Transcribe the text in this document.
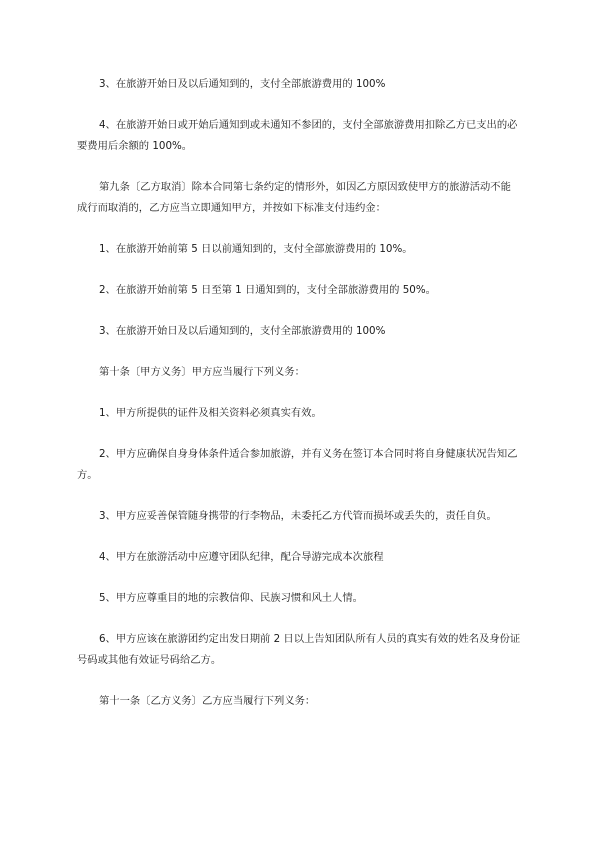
3、在旅游开始日及以后通知到的，支付全部旅游费用的 100%

4、在旅游开始日或开始后通知到或未通知不参团的，支付全部旅游费用扣除乙方已支出的必要费用后余额的 100%。

第九条〔乙方取消〕除本合同第七条约定的情形外，如因乙方原因致使甲方的旅游活动不能成行而取消的，乙方应当立即通知甲方，并按如下标准支付违约金：

1、在旅游开始前第 5 日以前通知到的，支付全部旅游费用的 10%。

2、在旅游开始前第 5 日至第 1 日通知到的，支付全部旅游费用的 50%。

3、在旅游开始日及以后通知到的，支付全部旅游费用的 100%

第十条〔甲方义务〕甲方应当履行下列义务：

1、甲方所提供的证件及相关资料必须真实有效。

2、甲方应确保自身身体条件适合参加旅游，并有义务在签订本合同时将自身健康状况告知乙方。

3、甲方应妥善保管随身携带的行李物品，未委托乙方代管而损坏或丢失的，责任自负。

4、甲方在旅游活动中应遵守团队纪律，配合导游完成本次旅程

5、甲方应尊重目的地的宗教信仰、民族习惯和风土人情。

6、甲方应该在旅游团约定出发日期前 2 日以上告知团队所有人员的真实有效的姓名及身份证号码或其他有效证号码给乙方。

第十一条〔乙方义务〕乙方应当履行下列义务：
